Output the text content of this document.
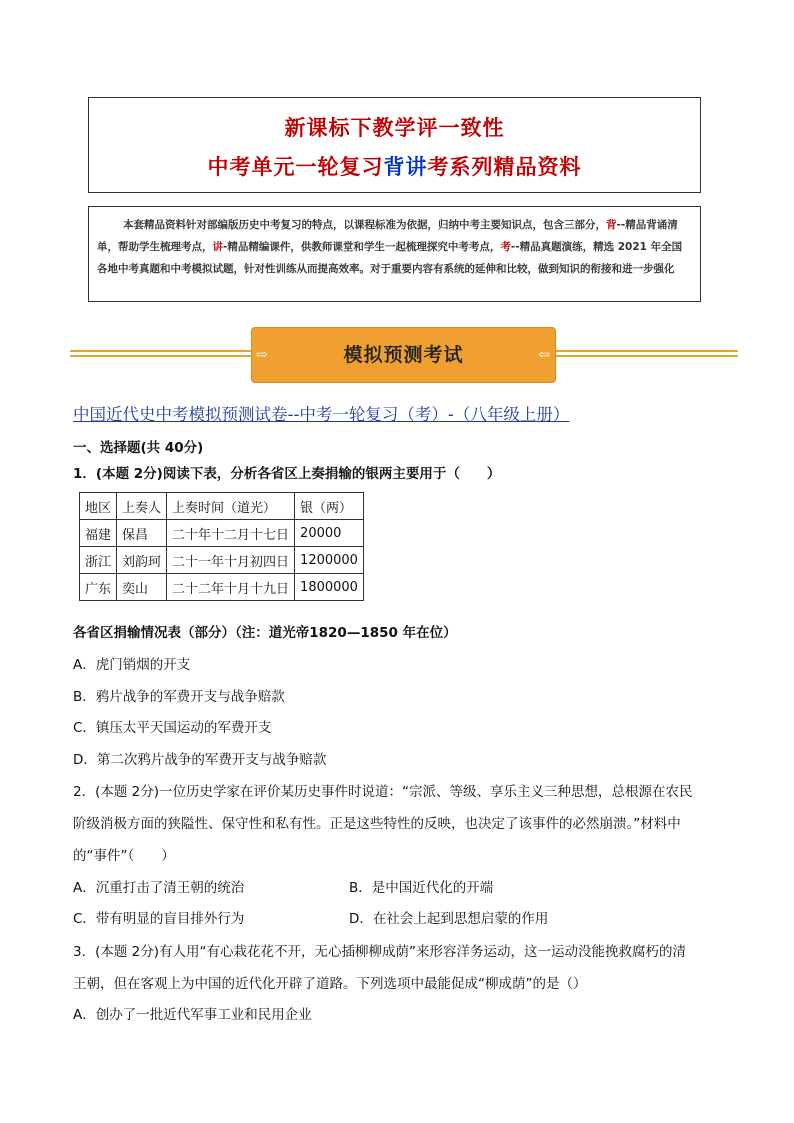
新课标下教学评一致性
中考单元一轮复习背讲考系列精品资料
本套精品资料针对部编版历史中考复习的特点，以课程标准为依据，归纳中考主要知识点，包含三部分，背--精品背诵清单，帮助学生梳理考点，讲-精品精编课件，供教师课堂和学生一起梳理探究中考考点，考--精品真题演练，精选 2021 年全国各地中考真题和中考模拟试题，针对性训练从而提高效率。对于重要内容有系统的延伸和比较，做到知识的衔接和进一步强化
⇨	模拟预测考试	⇦
中国近代史中考模拟预测试卷--中考一轮复习（考）-（八年级上册）
一、选择题(共 40分)
1．(本题 2分)阅读下表，分析各省区上奏捐输的银两主要用于（　　）
地区	上奏人	上奏时间（道光）	银（两）
福建	保昌	二十年十二月十七日	20000
浙江	刘韵珂	二十一年十月初四日	1200000
广东	奕山	二十二年十月十九日	1800000
各省区捐输情况表（部分）（注：道光帝1820—1850 年在位）
A．虎门销烟的开支
B．鸦片战争的军费开支与战争赔款
C．镇压太平天国运动的军费开支
D．第二次鸦片战争的军费开支与战争赔款
2．(本题 2分)一位历史学家在评价某历史事件时说道：“宗派、等级、享乐主义三种思想，总根源在农民
阶级消极方面的狭隘性、保守性和私有性。正是这些特性的反映，也决定了该事件的必然崩溃。”材料中
的“事件”（　　）
A．沉重打击了清王朝的统治	B．是中国近代化的开端
C．带有明显的盲目排外行为	D．在社会上起到思想启蒙的作用
3．(本题 2分)有人用“有心栽花花不开，无心插柳柳成荫”来形容洋务运动，这一运动没能挽救腐朽的清
王朝，但在客观上为中国的近代化开辟了道路。下列选项中最能促成“柳成荫”的是（）
A．创办了一批近代军事工业和民用企业
